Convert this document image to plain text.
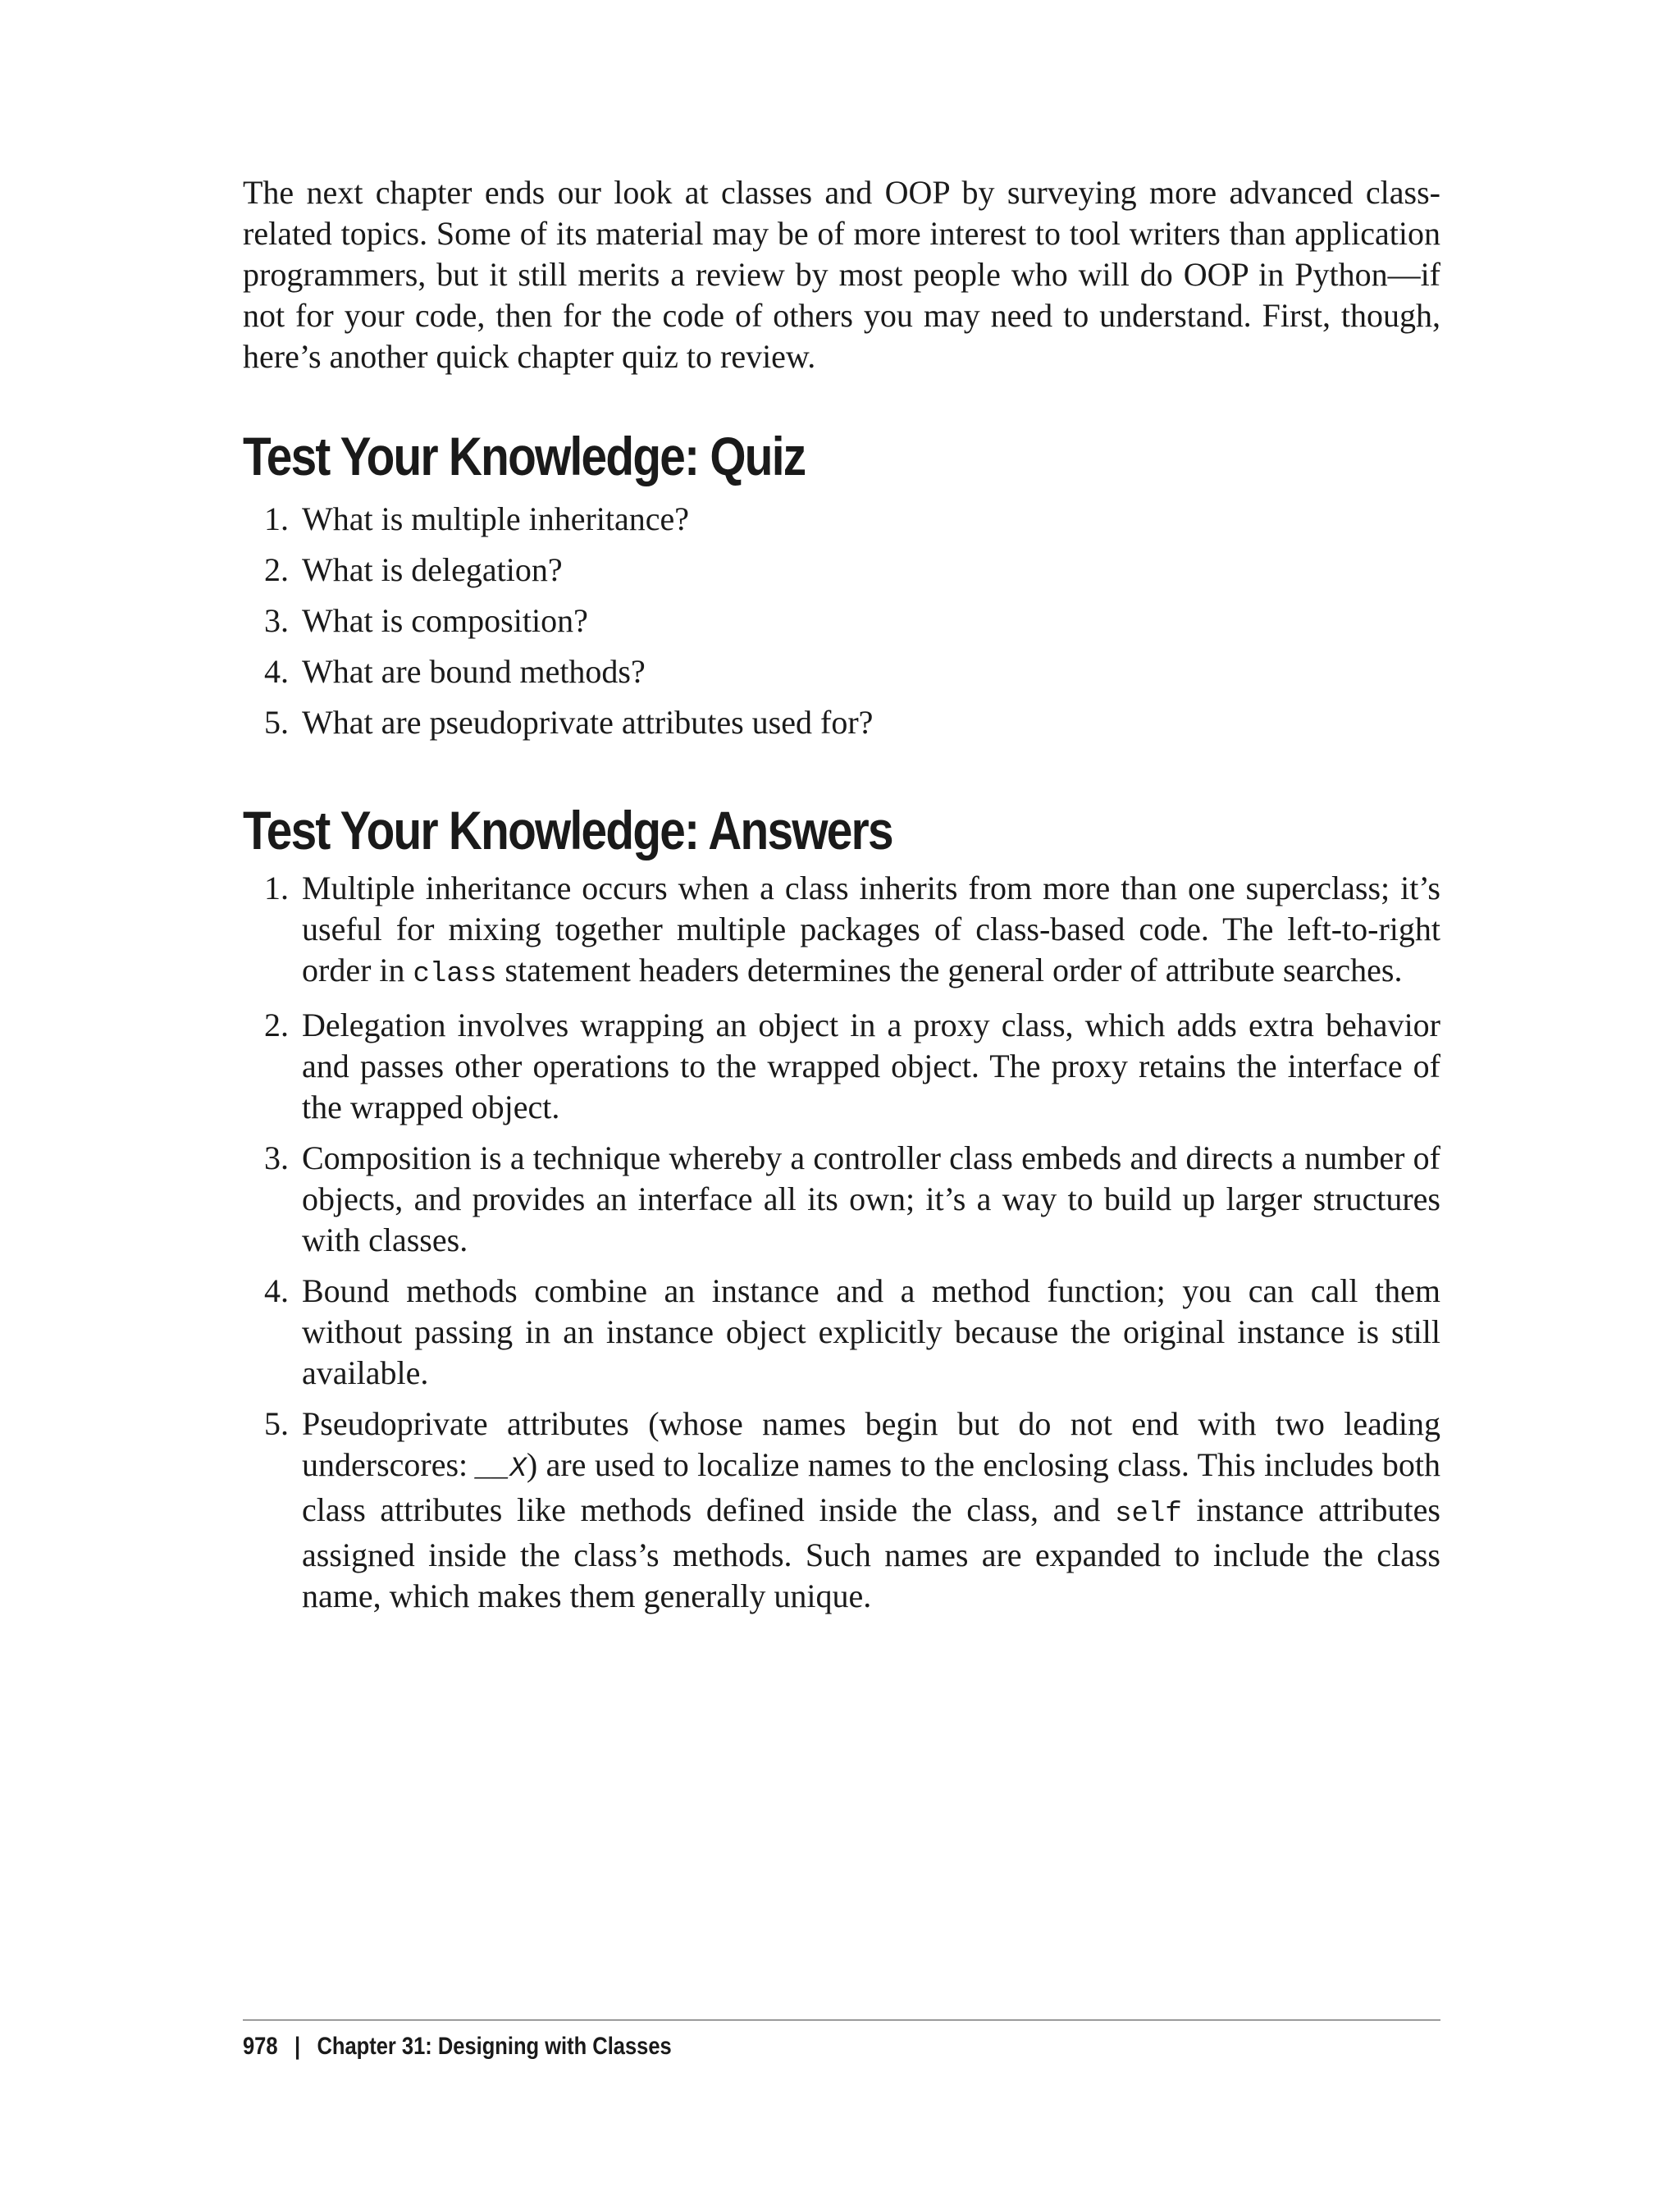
The next chapter ends our look at classes and OOP by surveying more advanced class-related topics. Some of its material may be of more interest to tool writers than application programmers, but it still merits a review by most people who will do OOP in Python—if not for your code, then for the code of others you may need to understand. First, though, here’s another quick chapter quiz to review.

Test Your Knowledge: Quiz
1 . What is multiple inheritance?
2 . What is delegation?
3 . What is composition?
4 . What are bound methods?
5 . What are pseudoprivate attributes used for?
Test Your Knowledge: Answers
1 . Multiple inheritance occurs when a class inherits from more than one superclass; it’s useful for mixing together multiple packages of class-based code. The left-to-right order in class statement headers determines the general order of attribute searches.
2 . Delegation involves wrapping an object in a proxy class, which adds extra behavior and passes other operations to the wrapped object. The proxy retains the interface of the wrapped object.
3 . Composition is a technique whereby a controller class embeds and directs a number of objects, and provides an interface all its own; it’s a way to build up larger structures with classes.
4 . Bound methods combine an instance and a method function; you can call them without passing in an instance object explicitly because the original instance is still available.
5 . Pseudoprivate attributes (whose names begin but do not end with two leading underscores: __X) are used to localize names to the enclosing class. This includes both class attributes like methods defined inside the class, and self instance attributes assigned inside the class’s methods. Such names are expanded to include the class name, which makes them generally unique.
978 | Chapter 31: Designing with Classes
